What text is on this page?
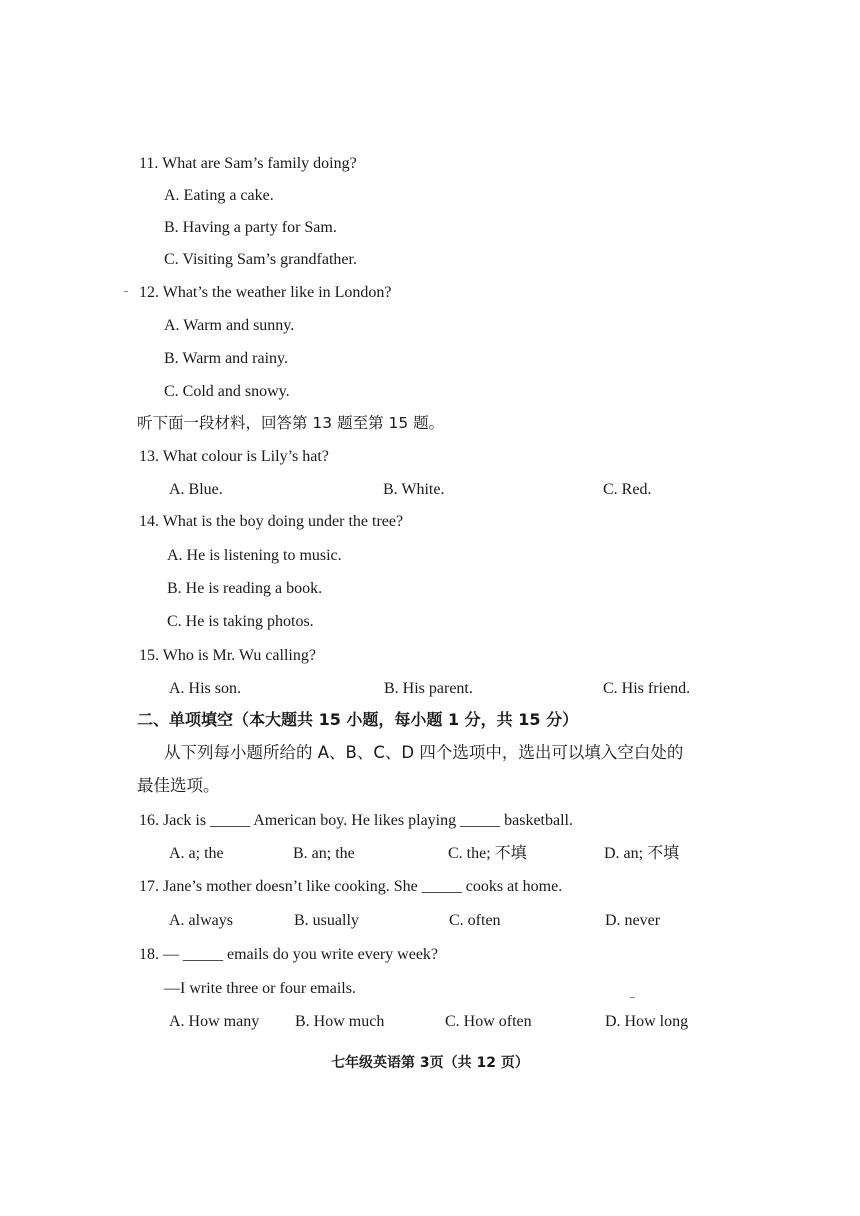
11. What are Sam’s family doing?
A. Eating a cake.
B. Having a party for Sam.
C. Visiting Sam’s grandfather.
12. What’s the weather like in London?
A. Warm and sunny.
B. Warm and rainy.
C. Cold and snowy.
听下面一段材料，回答第 13 题至第 15 题。
13. What colour is Lily’s hat?
A. Blue.	B. White.	C. Red.
14. What is the boy doing under the tree?
A. He is listening to music.
B. He is reading a book.
C. He is taking photos.
15. Who is Mr. Wu calling?
A. His son.	B. His parent.	C. His friend.
二、单项填空（本大题共 15 小题，每小题 1 分，共 15 分）
从下列每小题所给的 A、B、C、D 四个选项中，选出可以填入空白处的
最佳选项。
16. Jack is _____ American boy. He likes playing _____ basketball.
A. a; the	B. an; the	C. the; 不填	D. an; 不填
17. Jane’s mother doesn’t like cooking. She _____ cooks at home.
A. always	B. usually	C. often	D. never
18. — _____ emails do you write every week?
—I write three or four emails.
A. How many B. How much	C. How often	D. How long
七年级英语第 3页（共 12 页）
